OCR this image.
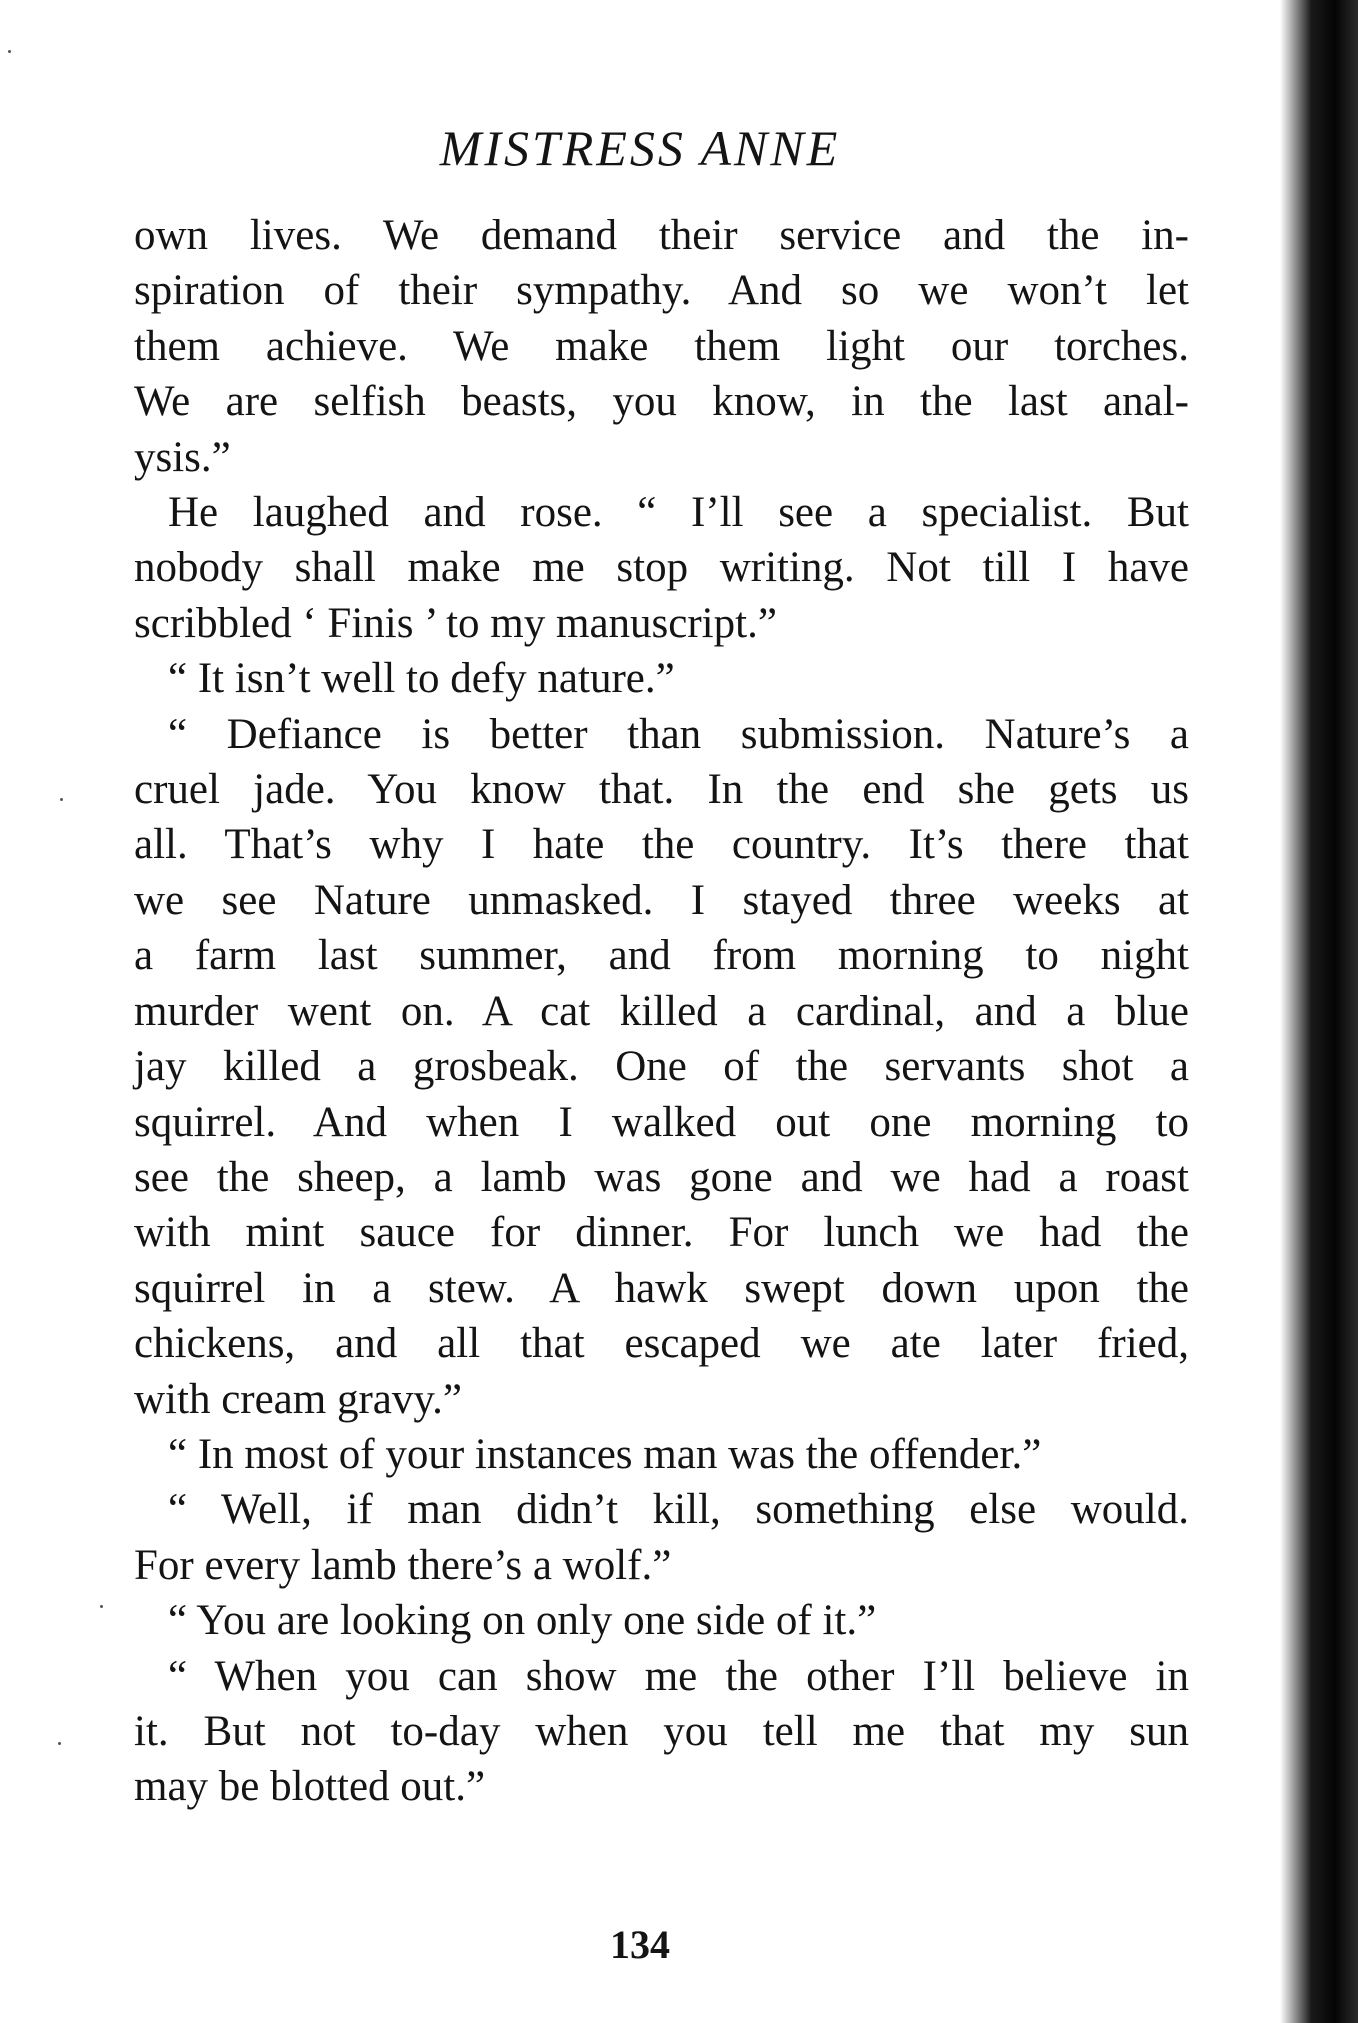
MISTRESS ANNE
own lives. We demand their service and the in-
spiration of their sympathy. And so we won’t let
them achieve. We make them light our torches.
We are selfish beasts, you know, in the last anal-
ysis.”
He laughed and rose. “ I’ll see a specialist. But
nobody shall make me stop writing. Not till I have
scribbled ‘ Finis ’ to my manuscript.”
“ It isn’t well to defy nature.”
“ Defiance is better than submission. Nature’s a
cruel jade. You know that. In the end she gets us
all. That’s why I hate the country. It’s there that
we see Nature unmasked. I stayed three weeks at
a farm last summer, and from morning to night
murder went on. A cat killed a cardinal, and a blue
jay killed a grosbeak. One of the servants shot a
squirrel. And when I walked out one morning to
see the sheep, a lamb was gone and we had a roast
with mint sauce for dinner. For lunch we had the
squirrel in a stew. A hawk swept down upon the
chickens, and all that escaped we ate later fried,
with cream gravy.”
“ In most of your instances man was the offender.”
“ Well, if man didn’t kill, something else would.
For every lamb there’s a wolf.”
“ You are looking on only one side of it.”
“ When you can show me the other I’ll believe in
it. But not to-day when you tell me that my sun
may be blotted out.”
134
